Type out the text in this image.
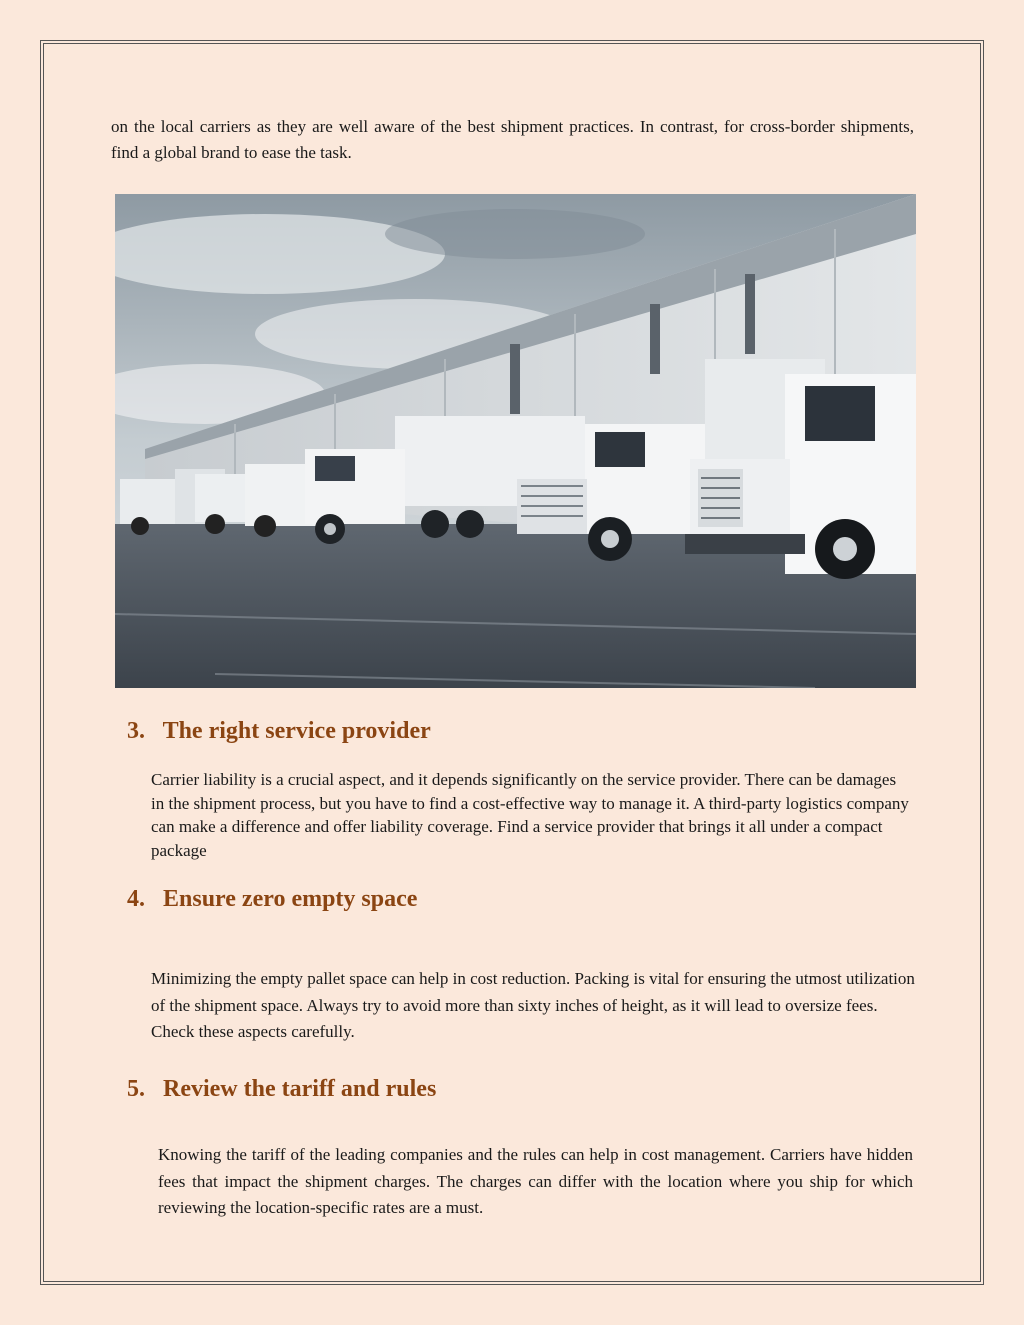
on the local carriers as they are well aware of the best shipment practices. In contrast, for cross-border shipments, find a global brand to ease the task.

3. The right service provider

Carrier liability is a crucial aspect, and it depends significantly on the service provider. There can be damages in the shipment process, but you have to find a cost-effective way to manage it. A third-party logistics company can make a difference and offer liability coverage. Find a service provider that brings it all under a compact package

4. Ensure zero empty space

Minimizing the empty pallet space can help in cost reduction. Packing is vital for ensuring the utmost utilization of the shipment space. Always try to avoid more than sixty inches of height, as it will lead to oversize fees. Check these aspects carefully.

5. Review the tariff and rules

Knowing the tariff of the leading companies and the rules can help in cost management. Carriers have hidden fees that impact the shipment charges. The charges can differ with the location where you ship for which reviewing the location-specific rates are a must.
